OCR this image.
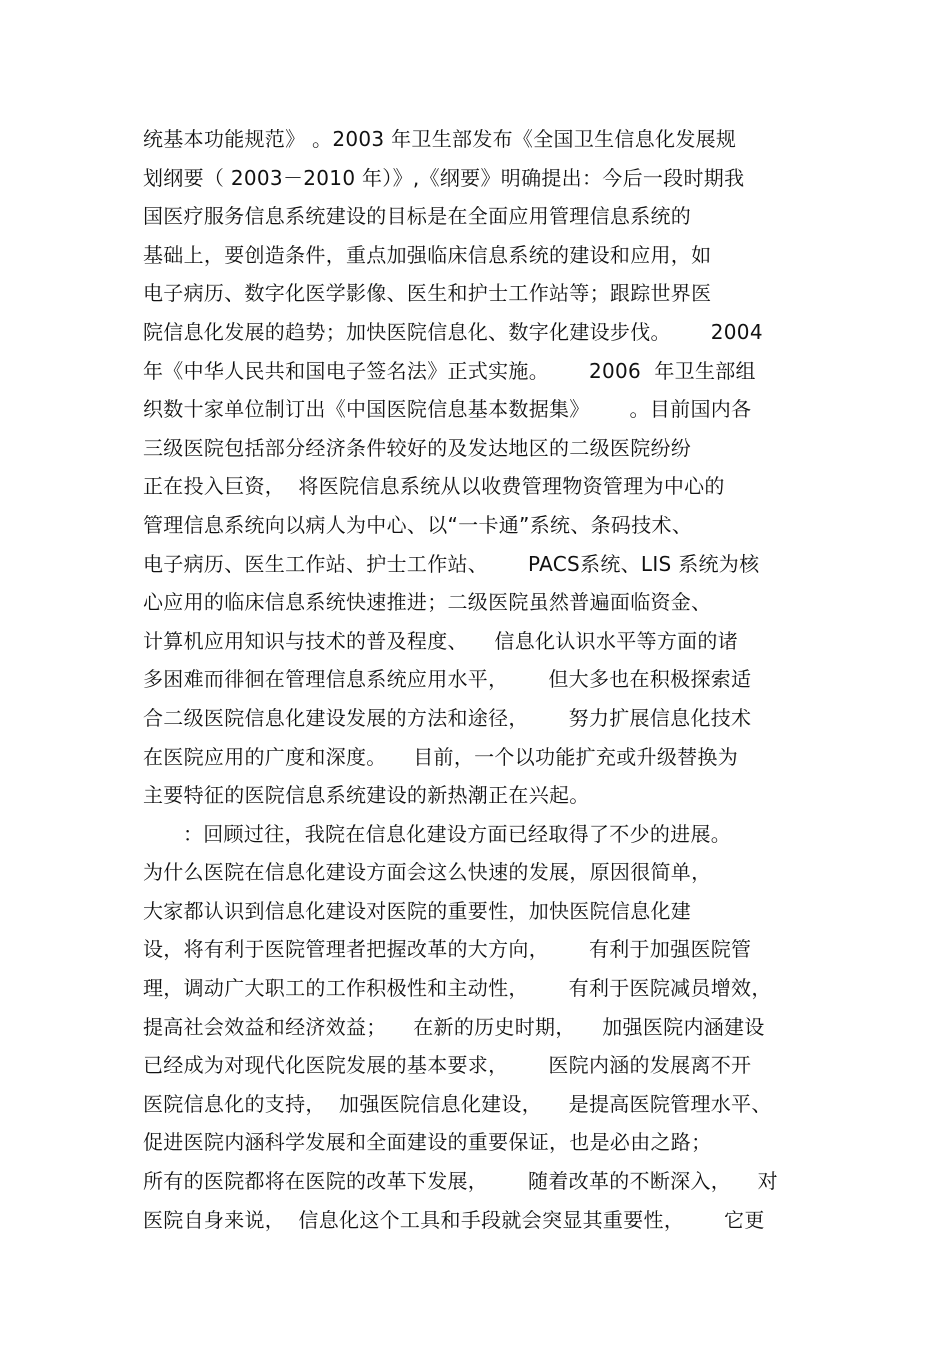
统基本功能规范》 。2003 年卫生部发布《全国卫生信息化发展规
划纲要（ 2003－2010 年）》,《纲要》明确提出：今后一段时期我
国医疗服务信息系统建设的目标是在全面应用管理信息系统的
基础上，要创造条件，重点加强临床信息系统的建设和应用，如
电子病历、数字化医学影像、医生和护士工作站等；跟踪世界医
院信息化发展的趋势；加快医院信息化、数字化建设步伐。      2004
年《中华人民共和国电子签名法》正式实施。      2006  年卫生部组
织数十家单位制订出《中国医院信息基本数据集》      。目前国内各
三级医院包括部分经济条件较好的及发达地区的二级医院纷纷
正在投入巨资，  将医院信息系统从以收费管理物资管理为中心的
管理信息系统向以病人为中心、以“一卡通”系统、条码技术、
电子病历、医生工作站、护士工作站、      PACS系统、LIS 系统为核
心应用的临床信息系统快速推进；二级医院虽然普遍面临资金、
计算机应用知识与技术的普及程度、    信息化认识水平等方面的诸
多困难而徘徊在管理信息系统应用水平，      但大多也在积极探索适
合二级医院信息化建设发展的方法和途径，      努力扩展信息化技术
在医院应用的广度和深度。    目前，一个以功能扩充或升级替换为
主要特征的医院信息系统建设的新热潮正在兴起。
：回顾过往，我院在信息化建设方面已经取得了不少的进展。
为什么医院在信息化建设方面会这么快速的发展，原因很简单，
大家都认识到信息化建设对医院的重要性，加快医院信息化建
设，将有利于医院管理者把握改革的大方向，      有利于加强医院管
理，调动广大职工的工作积极性和主动性，      有利于医院减员增效，
提高社会效益和经济效益；    在新的历史时期，    加强医院内涵建设
已经成为对现代化医院发展的基本要求，      医院内涵的发展离不开
医院信息化的支持，  加强医院信息化建设，    是提高医院管理水平、
促进医院内涵科学发展和全面建设的重要保证，也是必由之路；
所有的医院都将在医院的改革下发展，      随着改革的不断深入，    对
医院自身来说，  信息化这个工具和手段就会突显其重要性，      它更
